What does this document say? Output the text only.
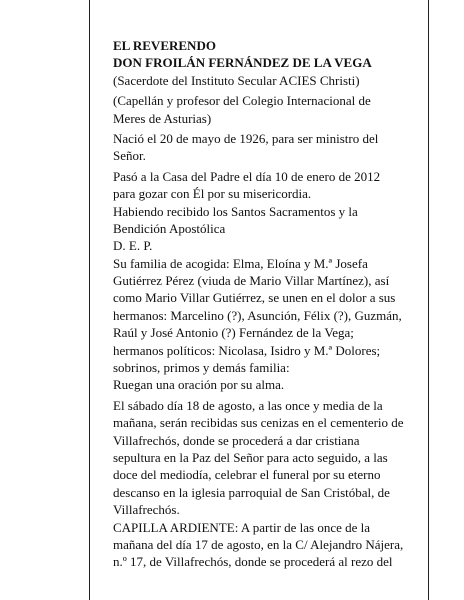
EL REVERENDO
DON FROILÁN FERNÁNDEZ DE LA VEGA
(Sacerdote del Instituto Secular ACIES Christi)
(Capellán y profesor del Colegio Internacional de
Meres de Asturias)
Nació el 20 de mayo de 1926, para ser ministro del
Señor.
Pasó a la Casa del Padre el día 10 de enero de 2012
para gozar con Él por su misericordia.
Habiendo recibido los Santos Sacramentos y la
Bendición Apostólica
D. E. P.
Su familia de acogida: Elma, Eloína y M.ª Josefa
Gutiérrez Pérez (viuda de Mario Villar Martínez), así
como Mario Villar Gutiérrez, se unen en el dolor a sus
hermanos: Marcelino (?), Asunción, Félix (?), Guzmán,
Raúl y José Antonio (?) Fernández de la Vega;
hermanos políticos: Nicolasa, Isidro y M.ª Dolores;
sobrinos, primos y demás familia:
Ruegan una oración por su alma.
El sábado día 18 de agosto, a las once y media de la
mañana, serán recibidas sus cenizas en el cementerio de
Villafrechós, donde se procederá a dar cristiana
sepultura en la Paz del Señor para acto seguido, a las
doce del mediodía, celebrar el funeral por su eterno
descanso en la iglesia parroquial de San Cristóbal, de
Villafrechós.
CAPILLA ARDIENTE: A partir de las once de la
mañana del día 17 de agosto, en la C/ Alejandro Nájera,
n.º 17, de Villafrechós, donde se procederá al rezo del
